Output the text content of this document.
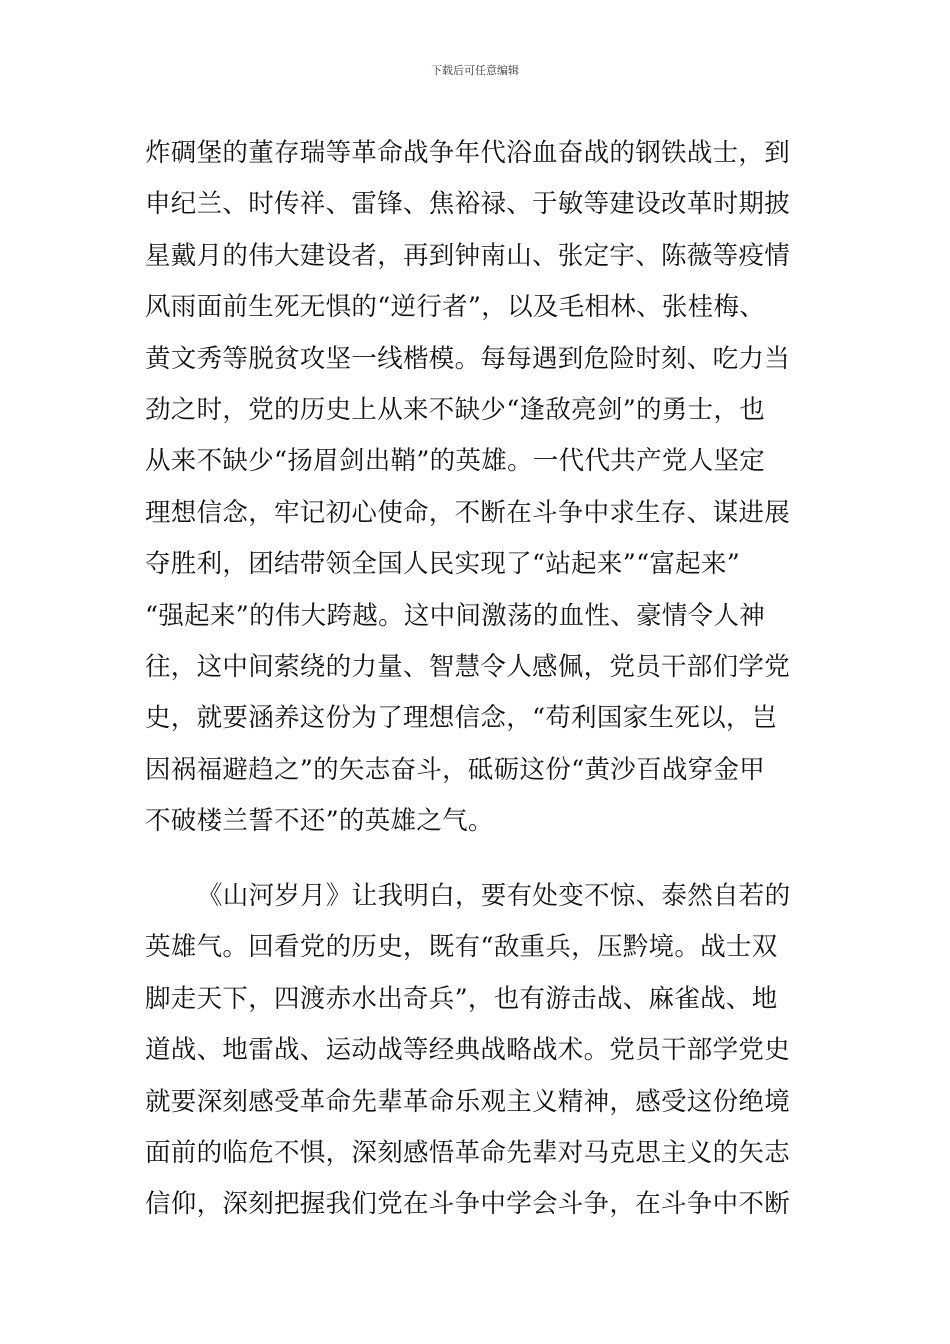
下载后可任意编辑
炸碉堡的董存瑞等革命战争年代浴血奋战的钢铁战士，到
申纪兰、时传祥、雷锋、焦裕禄、于敏等建设改革时期披
星戴月的伟大建设者，再到钟南山、张定宇、陈薇等疫情
风雨面前生死无惧的“逆行者”，以及毛相林、张桂梅、
黄文秀等脱贫攻坚一线楷模。每每遇到危险时刻、吃力当
劲之时，党的历史上从来不缺少“逢敌亮剑”的勇士，也
从来不缺少“扬眉剑出鞘”的英雄。一代代共产党人坚定
理想信念，牢记初心使命，不断在斗争中求生存、谋进展
夺胜利，团结带领全国人民实现了“站起来”“富起来”
“强起来”的伟大跨越。这中间激荡的血性、豪情令人神
往，这中间萦绕的力量、智慧令人感佩，党员干部们学党
史，就要涵养这份为了理想信念，“苟利国家生死以，岂
因祸福避趋之”的矢志奋斗，砥砺这份“黄沙百战穿金甲
不破楼兰誓不还”的英雄之气。
《山河岁月》让我明白，要有处变不惊、泰然自若的
英雄气。回看党的历史，既有“敌重兵，压黔境。战士双
脚走天下，四渡赤水出奇兵”，也有游击战、麻雀战、地
道战、地雷战、运动战等经典战略战术。党员干部学党史
就要深刻感受革命先辈革命乐观主义精神，感受这份绝境
面前的临危不惧，深刻感悟革命先辈对马克思主义的矢志
信仰，深刻把握我们党在斗争中学会斗争，在斗争中不断
